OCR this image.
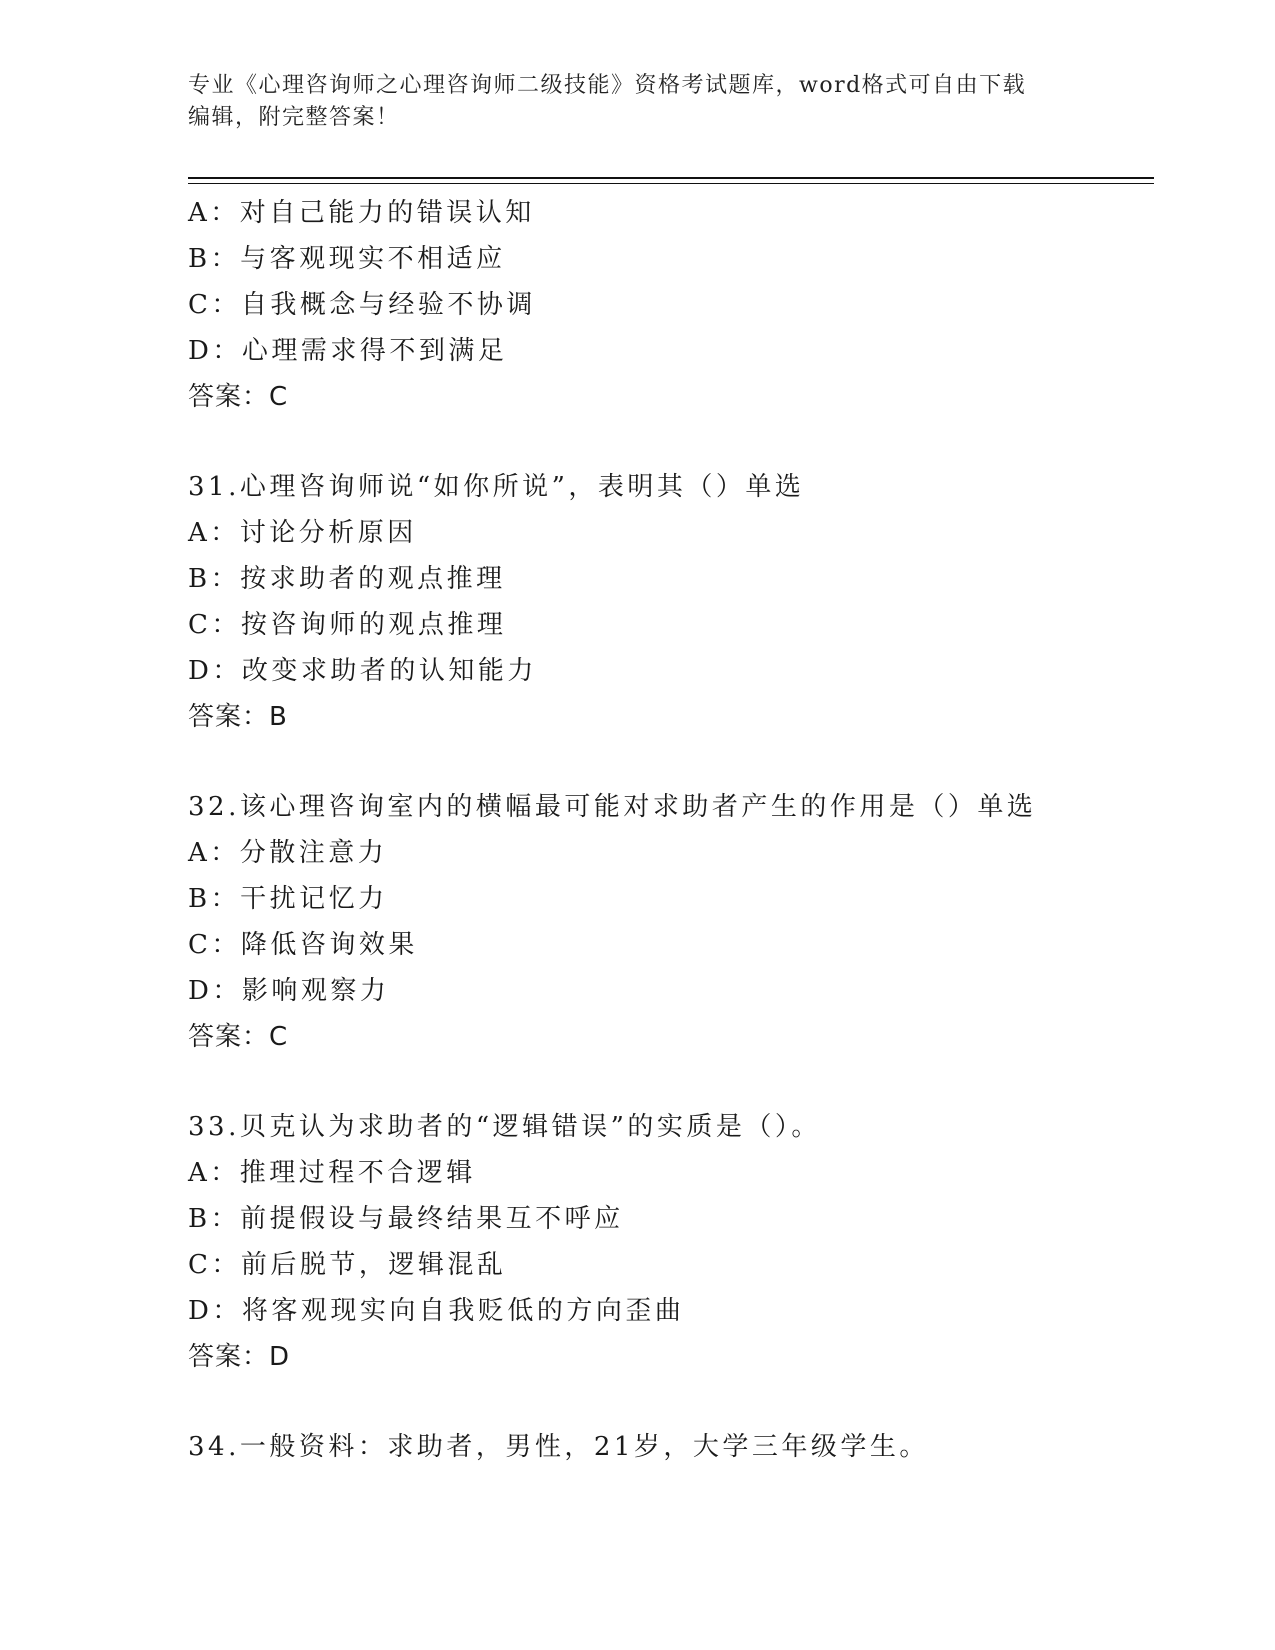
专业《心理咨询师之心理咨询师二级技能》资格考试题库，word格式可自由下载
编辑，附完整答案！
A：对自己能力的错误认知
B：与客观现实不相适应
C：自我概念与经验不协调
D：心理需求得不到满足
答案：C
31.心理咨询师说“如你所说”，表明其（）单选
A：讨论分析原因
B：按求助者的观点推理
C：按咨询师的观点推理
D：改变求助者的认知能力
答案：B
32.该心理咨询室内的横幅最可能对求助者产生的作用是（）单选
A：分散注意力
B：干扰记忆力
C：降低咨询效果
D：影响观察力
答案：C
33.贝克认为求助者的“逻辑错误”的实质是（）。
A：推理过程不合逻辑
B：前提假设与最终结果互不呼应
C：前后脱节，逻辑混乱
D：将客观现实向自我贬低的方向歪曲
答案：D
34.一般资料：求助者，男性，21岁，大学三年级学生。
